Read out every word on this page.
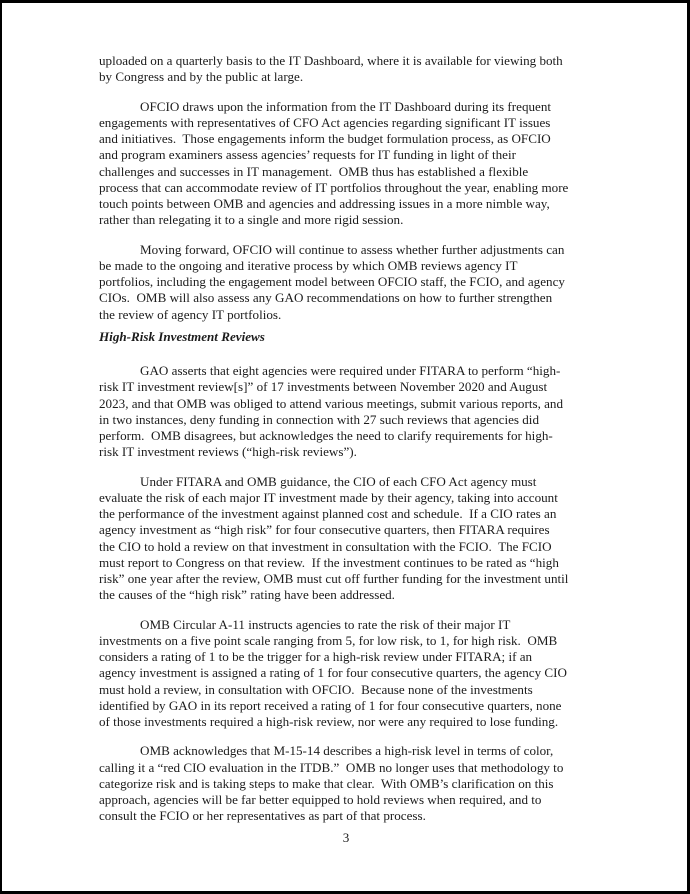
uploaded on a quarterly basis to the IT Dashboard, where it is available for viewing both
by Congress and by the public at large.
OFCIO draws upon the information from the IT Dashboard during its frequent
engagements with representatives of CFO Act agencies regarding significant IT issues
and initiatives.  Those engagements inform the budget formulation process, as OFCIO
and program examiners assess agencies’ requests for IT funding in light of their
challenges and successes in IT management.  OMB thus has established a flexible
process that can accommodate review of IT portfolios throughout the year, enabling more
touch points between OMB and agencies and addressing issues in a more nimble way,
rather than relegating it to a single and more rigid session.
Moving forward, OFCIO will continue to assess whether further adjustments can
be made to the ongoing and iterative process by which OMB reviews agency IT
portfolios, including the engagement model between OFCIO staff, the FCIO, and agency
CIOs.  OMB will also assess any GAO recommendations on how to further strengthen
the review of agency IT portfolios.
High-Risk Investment Reviews
GAO asserts that eight agencies were required under FITARA to perform “high-
risk IT investment review[s]” of 17 investments between November 2020 and August
2023, and that OMB was obliged to attend various meetings, submit various reports, and
in two instances, deny funding in connection with 27 such reviews that agencies did
perform.  OMB disagrees, but acknowledges the need to clarify requirements for high-
risk IT investment reviews (“high-risk reviews”).
Under FITARA and OMB guidance, the CIO of each CFO Act agency must
evaluate the risk of each major IT investment made by their agency, taking into account
the performance of the investment against planned cost and schedule.  If a CIO rates an
agency investment as “high risk” for four consecutive quarters, then FITARA requires
the CIO to hold a review on that investment in consultation with the FCIO.  The FCIO
must report to Congress on that review.  If the investment continues to be rated as “high
risk” one year after the review, OMB must cut off further funding for the investment until
the causes of the “high risk” rating have been addressed.
OMB Circular A-11 instructs agencies to rate the risk of their major IT
investments on a five point scale ranging from 5, for low risk, to 1, for high risk.  OMB
considers a rating of 1 to be the trigger for a high-risk review under FITARA; if an
agency investment is assigned a rating of 1 for four consecutive quarters, the agency CIO
must hold a review, in consultation with OFCIO.  Because none of the investments
identified by GAO in its report received a rating of 1 for four consecutive quarters, none
of those investments required a high-risk review, nor were any required to lose funding.
OMB acknowledges that M-15-14 describes a high-risk level in terms of color,
calling it a “red CIO evaluation in the ITDB.”  OMB no longer uses that methodology to
categorize risk and is taking steps to make that clear.  With OMB’s clarification on this
approach, agencies will be far better equipped to hold reviews when required, and to
consult the FCIO or her representatives as part of that process.
3
